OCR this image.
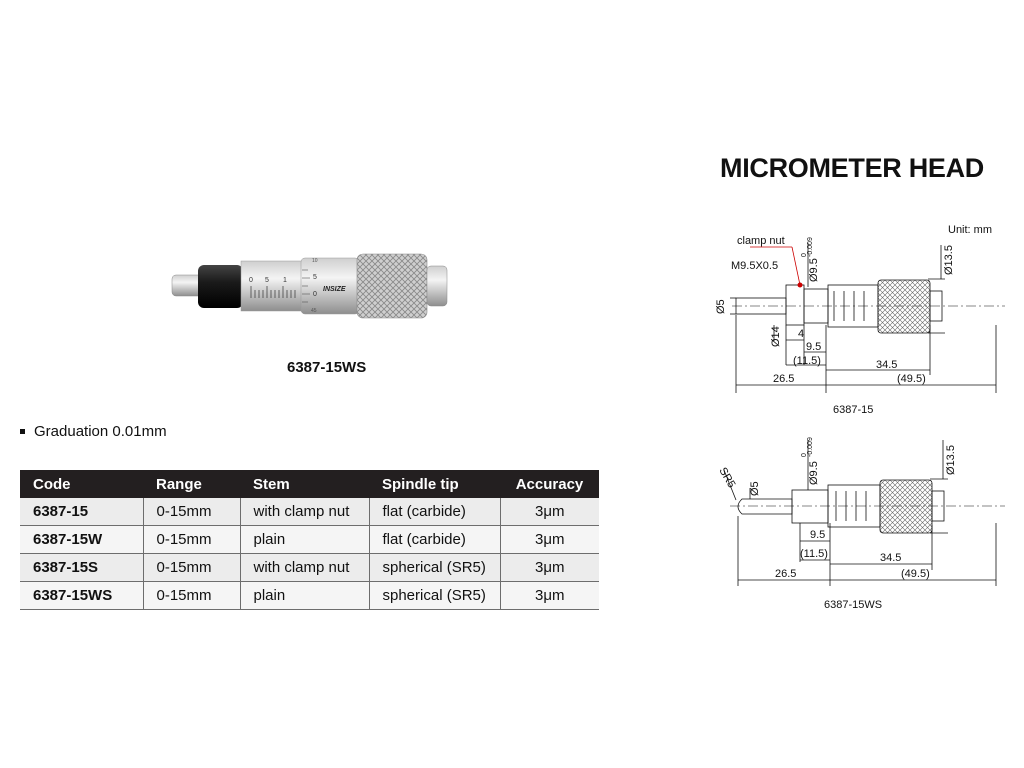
MICROMETER HEAD
Unit: mm
0 5 1
10
5
0
45
INSIZE
6387-15WS
Graduation 0.01mm
Code	Range	Stem	Spindle tip	Accuracy
6387-15	0-15mm	with clamp nut	flat (carbide)	3μm
6387-15W	0-15mm	plain	flat (carbide)	3μm
6387-15S	0-15mm	with clamp nut	spherical (SR5)	3μm
6387-15WS	0-15mm	plain	spherical (SR5)	3μm
clamp nut
M9.5X0.5	Ø9.5
0 -0.009	Ø13.5
Ø5
Ø14 4
9.5
(11.5)
26.5
34.5
(49.5)
6387-15
SR5 Ø5
Ø9.5
0 -0.009	Ø13.5
9.5
(11.5)
26.5
34.5
(49.5)
6387-15WS
